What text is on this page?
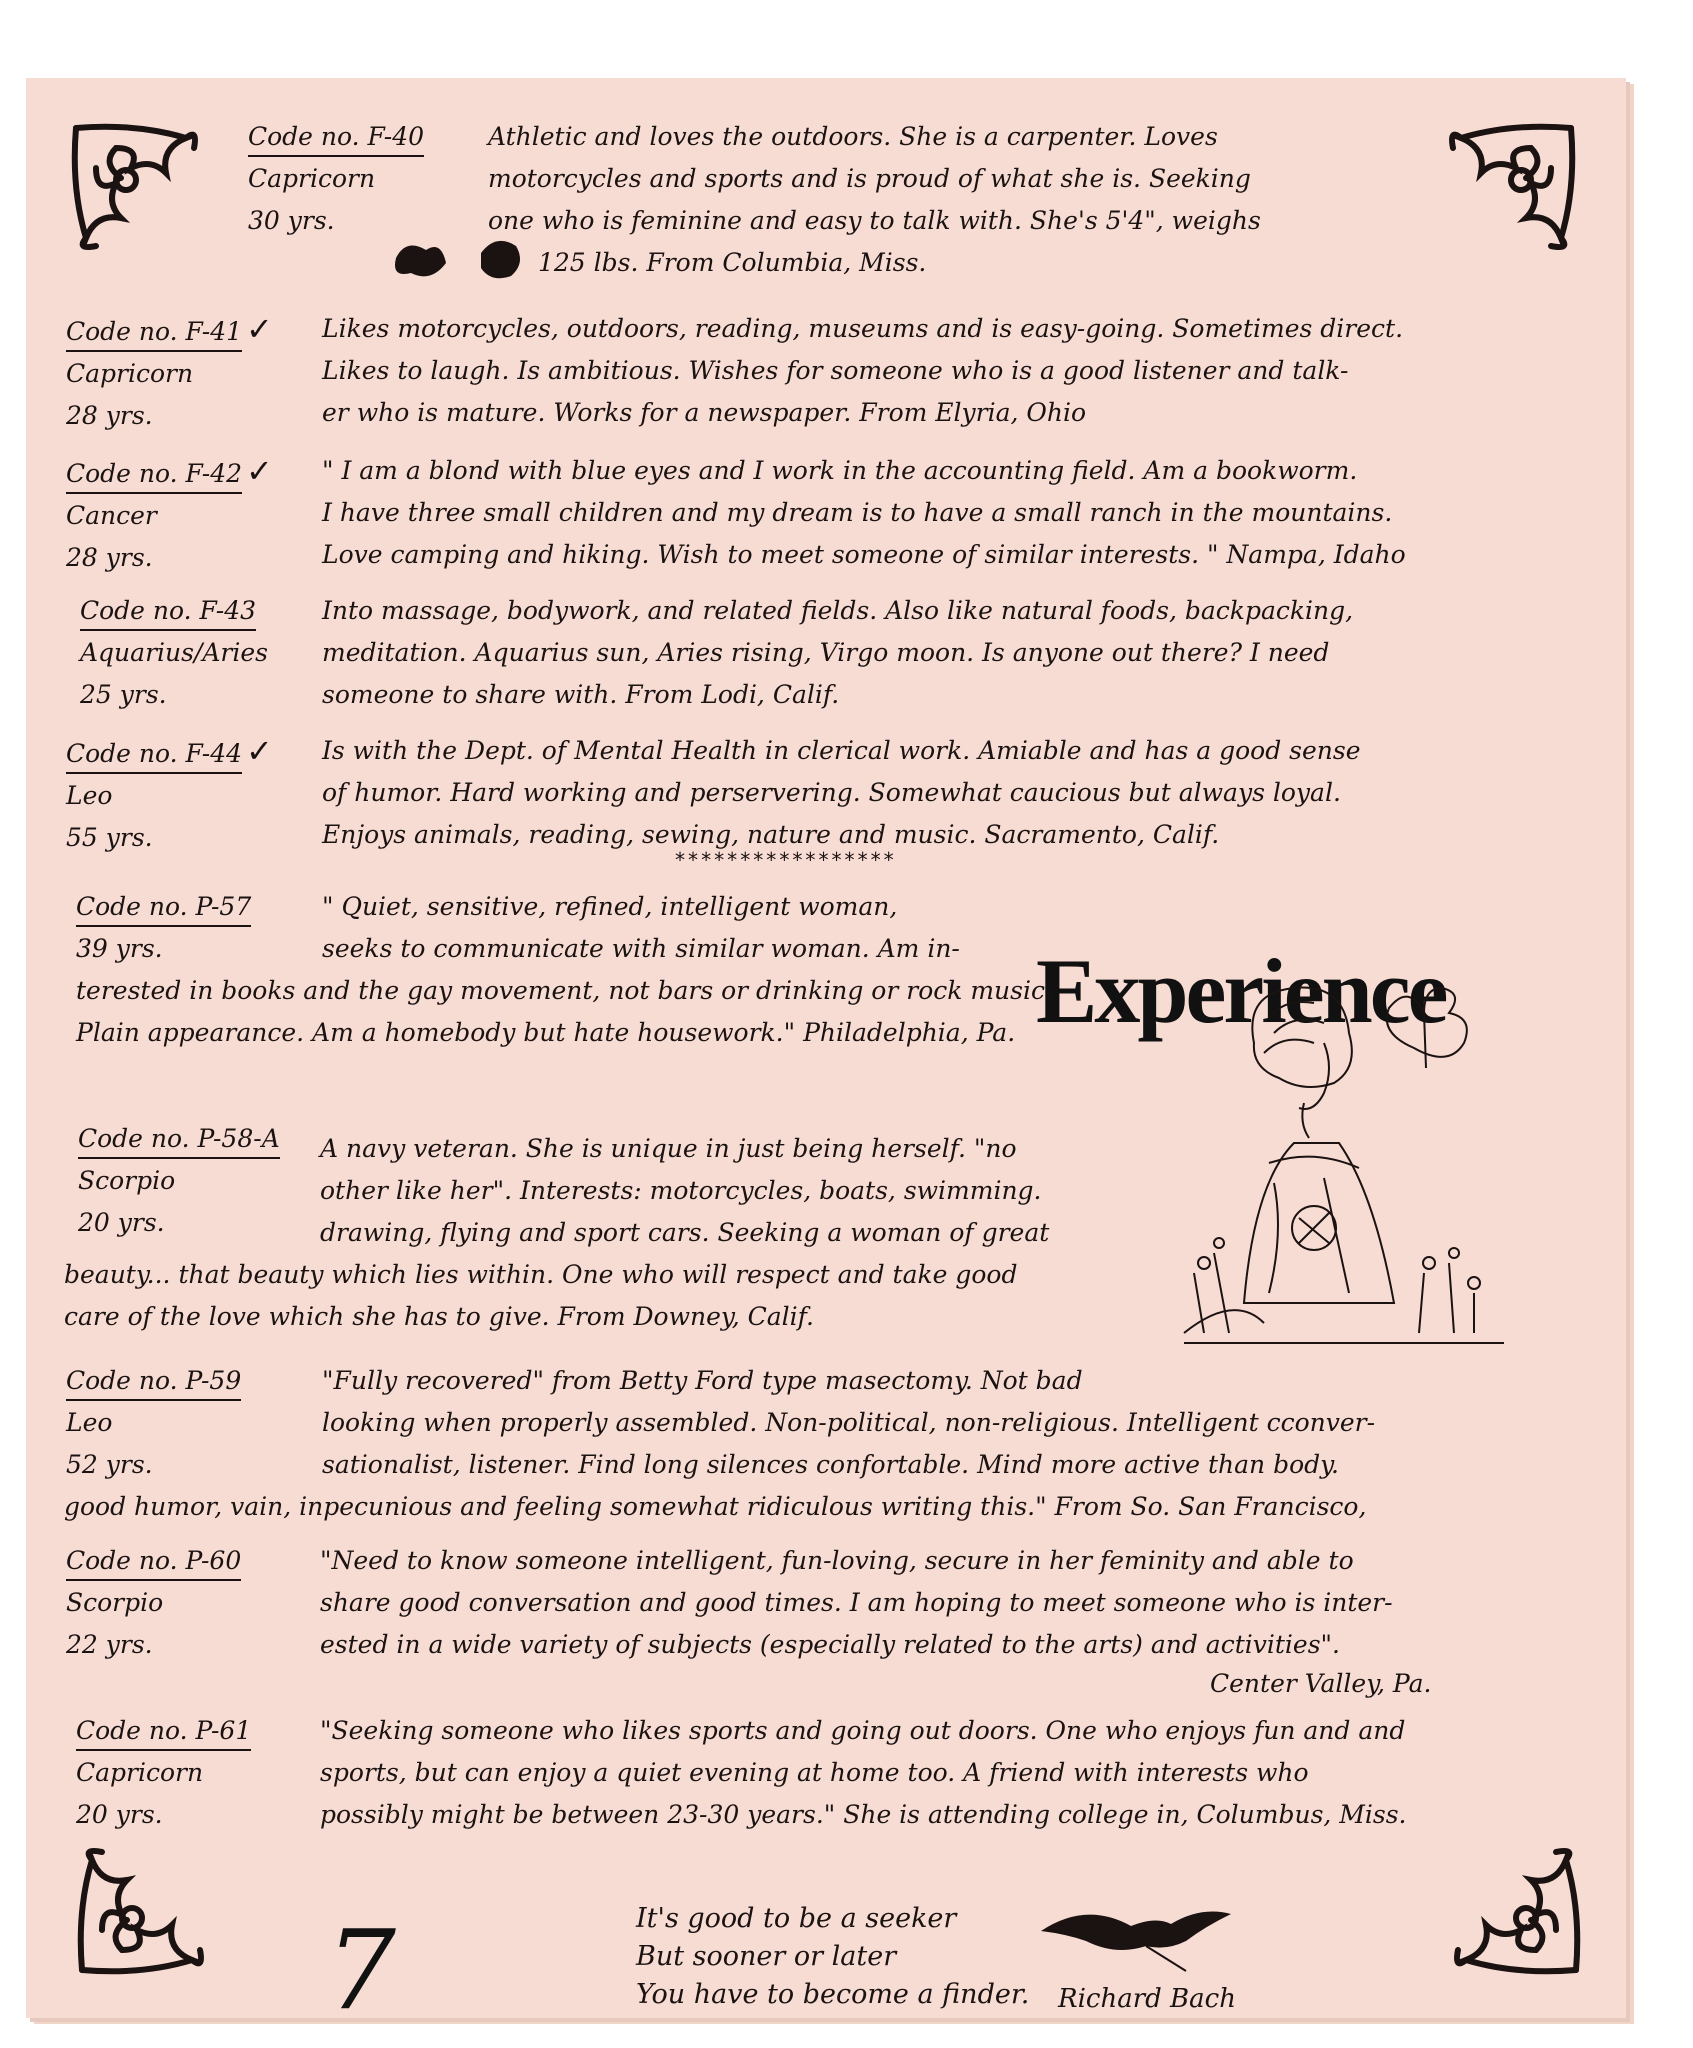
Code no. F-40
Capricorn
30 yrs.
Athletic and loves the outdoors. She is a carpenter. Loves
motorcycles and sports and is proud of what she is. Seeking
one who is feminine and easy to talk with. She's 5'4", weighs
125 lbs. From Columbia, Miss.
Code no. F-41 ✓
Capricorn
28 yrs.
Likes motorcycles, outdoors, reading, museums and is easy-going. Sometimes direct.
Likes to laugh. Is ambitious. Wishes for someone who is a good listener and talk-
er who is mature. Works for a newspaper. From Elyria, Ohio
Code no. F-42 ✓
Cancer
28 yrs.
" I am a blond with blue eyes and I work in the accounting field. Am a bookworm.
I have three small children and my dream is to have a small ranch in the mountains.
Love camping and hiking. Wish to meet someone of similar interests. " Nampa, Idaho
Code no. F-43
Aquarius/Aries
25 yrs.
Into massage, bodywork, and related fields. Also like natural foods, backpacking,
meditation. Aquarius sun, Aries rising, Virgo moon. Is anyone out there? I need
someone to share with. From Lodi, Calif.
Code no. F-44 ✓
Leo
55 yrs.
Is with the Dept. of Mental Health in clerical work. Amiable and has a good sense
of humor. Hard working and perservering. Somewhat caucious but always loyal.
Enjoys animals, reading, sewing, nature and music. Sacramento, Calif.
*****************
Experience
Code no. P-57
39 yrs.
" Quiet, sensitive, refined, intelligent woman,
seeks to communicate with similar woman. Am in-
terested in books and the gay movement, not bars or drinking or rock music.
Plain appearance. Am a homebody but hate housework." Philadelphia, Pa.
Code no. P-58-A
Scorpio
20 yrs.
A navy veteran. She is unique in just being herself. "no
other like her". Interests: motorcycles, boats, swimming.
drawing, flying and sport cars. Seeking a woman of great
beauty... that beauty which lies within. One who will respect and take good
care of the love which she has to give. From Downey, Calif.
Code no. P-59
Leo
52 yrs.
"Fully recovered" from Betty Ford type masectomy. Not bad
looking when properly assembled. Non-political, non-religious. Intelligent cconver-
sationalist, listener. Find long silences confortable. Mind more active than body.
good humor, vain, inpecunious and feeling somewhat ridiculous writing this." From So. San Francisco,
Code no. P-60
Scorpio
22 yrs.
"Need to know someone intelligent, fun-loving, secure in her feminity and able to
share good conversation and good times. I am hoping to meet someone who is inter-
ested in a wide variety of subjects (especially related to the arts) and activities".
Center Valley, Pa.
Code no. P-61
Capricorn
20 yrs.
"Seeking someone who likes sports and going out doors. One who enjoys fun and and
sports, but can enjoy a quiet evening at home too. A friend with interests who
possibly might be between 23-30 years." She is attending college in, Columbus, Miss.
7	It's good to be a seeker
But sooner or later
You have to become a finder. Richard Bach
